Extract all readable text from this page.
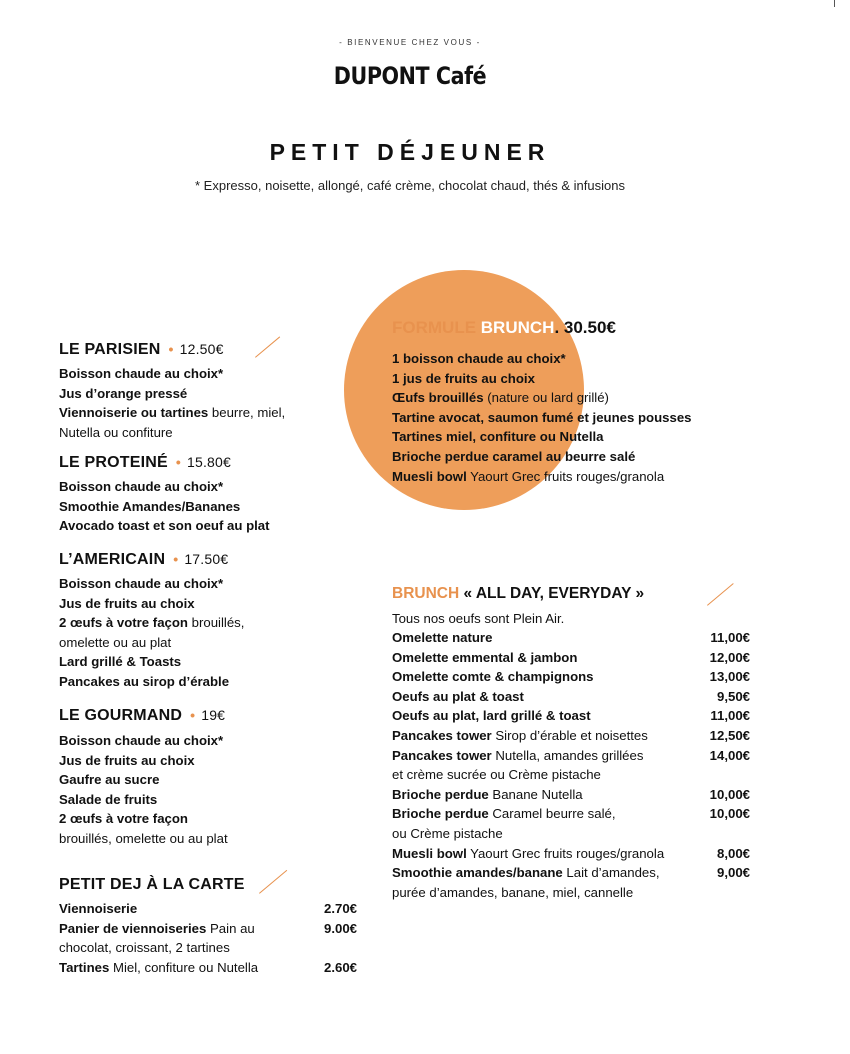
- BIENVENUE CHEZ VOUS -
DUPONT Café
PETIT DÉJEUNER
* Expresso, noisette, allongé, café crème, chocolat chaud, thés & infusions
LE PARISIEN • 12.50€
Boisson chaude au choix*
Jus d’orange pressé
Viennoiserie ou tartines beurre, miel,
Nutella ou confiture
LE PROTEINÉ • 15.80€
Boisson chaude au choix*
Smoothie Amandes/Bananes
Avocado toast et son oeuf au plat
L’AMERICAIN • 17.50€
Boisson chaude au choix*
Jus de fruits au choix
2 œufs à votre façon brouillés,
omelette ou au plat
Lard grillé & Toasts
Pancakes au sirop d’érable
LE GOURMAND • 19€
Boisson chaude au choix*
Jus de fruits au choix
Gaufre au sucre
Salade de fruits
2 œufs à votre façon
brouillés, omelette ou au plat
PETIT DEJ À LA CARTE
Viennoiserie	2.70€
Panier de viennoiseries Pain au	9.00€
chocolat, croissant, 2 tartines
Tartines Miel, confiture ou Nutella	2.60€
FORMULE BRUNCH. 30.50€
1 boisson chaude au choix*
1 jus de fruits au choix
Œufs brouillés (nature ou lard grillé)
Tartine avocat, saumon fumé et jeunes pousses
Tartines miel, confiture ou Nutella
Brioche perdue caramel au beurre salé
Muesli bowl Yaourt Grec fruits rouges/granola
BRUNCH « ALL DAY, EVERYDAY »
Tous nos oeufs sont Plein Air.
Omelette nature	11,00€
Omelette emmental & jambon	12,00€
Omelette comte & champignons	13,00€
Oeufs au plat & toast	9,50€
Oeufs au plat, lard grillé & toast	11,00€
Pancakes tower Sirop d’érable et noisettes	12,50€
Pancakes tower Nutella, amandes grillées	14,00€
et crème sucrée ou Crème pistache
Brioche perdue Banane Nutella	10,00€
Brioche perdue Caramel beurre salé,	10,00€
ou Crème pistache
Muesli bowl Yaourt Grec fruits rouges/granola	8,00€
Smoothie amandes/banane Lait d’amandes,	9,00€
purée d’amandes, banane, miel, cannelle
